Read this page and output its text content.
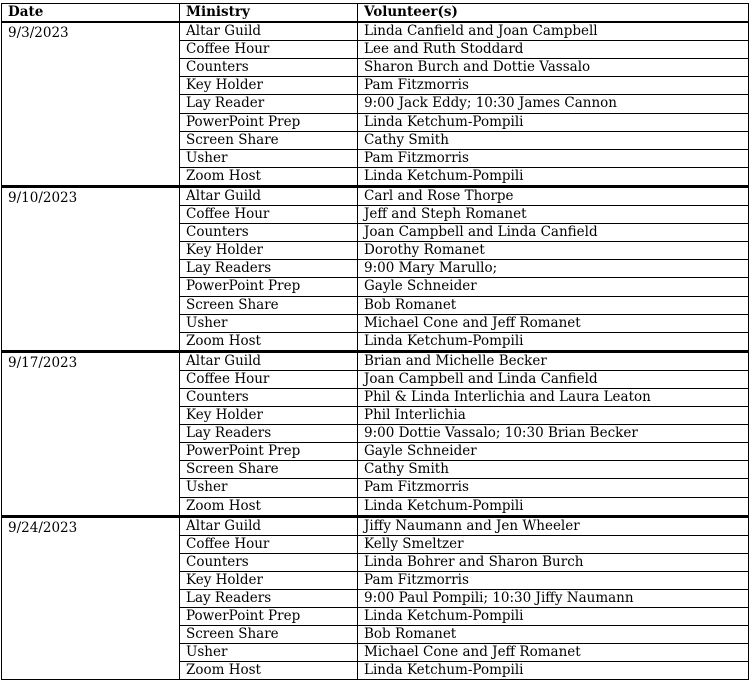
Date	Ministry	Volunteer(s)
9/3/2023	Altar Guild	Linda Canfield and Joan Campbell
	Coffee Hour	Lee and Ruth Stoddard
	Counters	Sharon Burch and Dottie Vassalo
	Key Holder	Pam Fitzmorris
	Lay Reader	9:00 Jack Eddy; 10:30 James Cannon
	PowerPoint Prep	Linda Ketchum-Pompili
	Screen Share	Cathy Smith
	Usher	Pam Fitzmorris
	Zoom Host	Linda Ketchum-Pompili
9/10/2023	Altar Guild	Carl and Rose Thorpe
	Coffee Hour	Jeff and Steph Romanet
	Counters	Joan Campbell and Linda Canfield
	Key Holder	Dorothy Romanet
	Lay Readers	9:00 Mary Marullo;
	PowerPoint Prep	Gayle Schneider
	Screen Share	Bob Romanet
	Usher	Michael Cone and Jeff Romanet
	Zoom Host	Linda Ketchum-Pompili
9/17/2023	Altar Guild	Brian and Michelle Becker
	Coffee Hour	Joan Campbell and Linda Canfield
	Counters	Phil & Linda Interlichia and Laura Leaton
	Key Holder	Phil Interlichia
	Lay Readers	9:00 Dottie Vassalo; 10:30 Brian Becker
	PowerPoint Prep	Gayle Schneider
	Screen Share	Cathy Smith
	Usher	Pam Fitzmorris
	Zoom Host	Linda Ketchum-Pompili
9/24/2023	Altar Guild	Jiffy Naumann and Jen Wheeler
	Coffee Hour	Kelly Smeltzer
	Counters	Linda Bohrer and Sharon Burch
	Key Holder	Pam Fitzmorris
	Lay Readers	9:00 Paul Pompili; 10:30 Jiffy Naumann
	PowerPoint Prep	Linda Ketchum-Pompili
	Screen Share	Bob Romanet
	Usher	Michael Cone and Jeff Romanet
	Zoom Host	Linda Ketchum-Pompili
